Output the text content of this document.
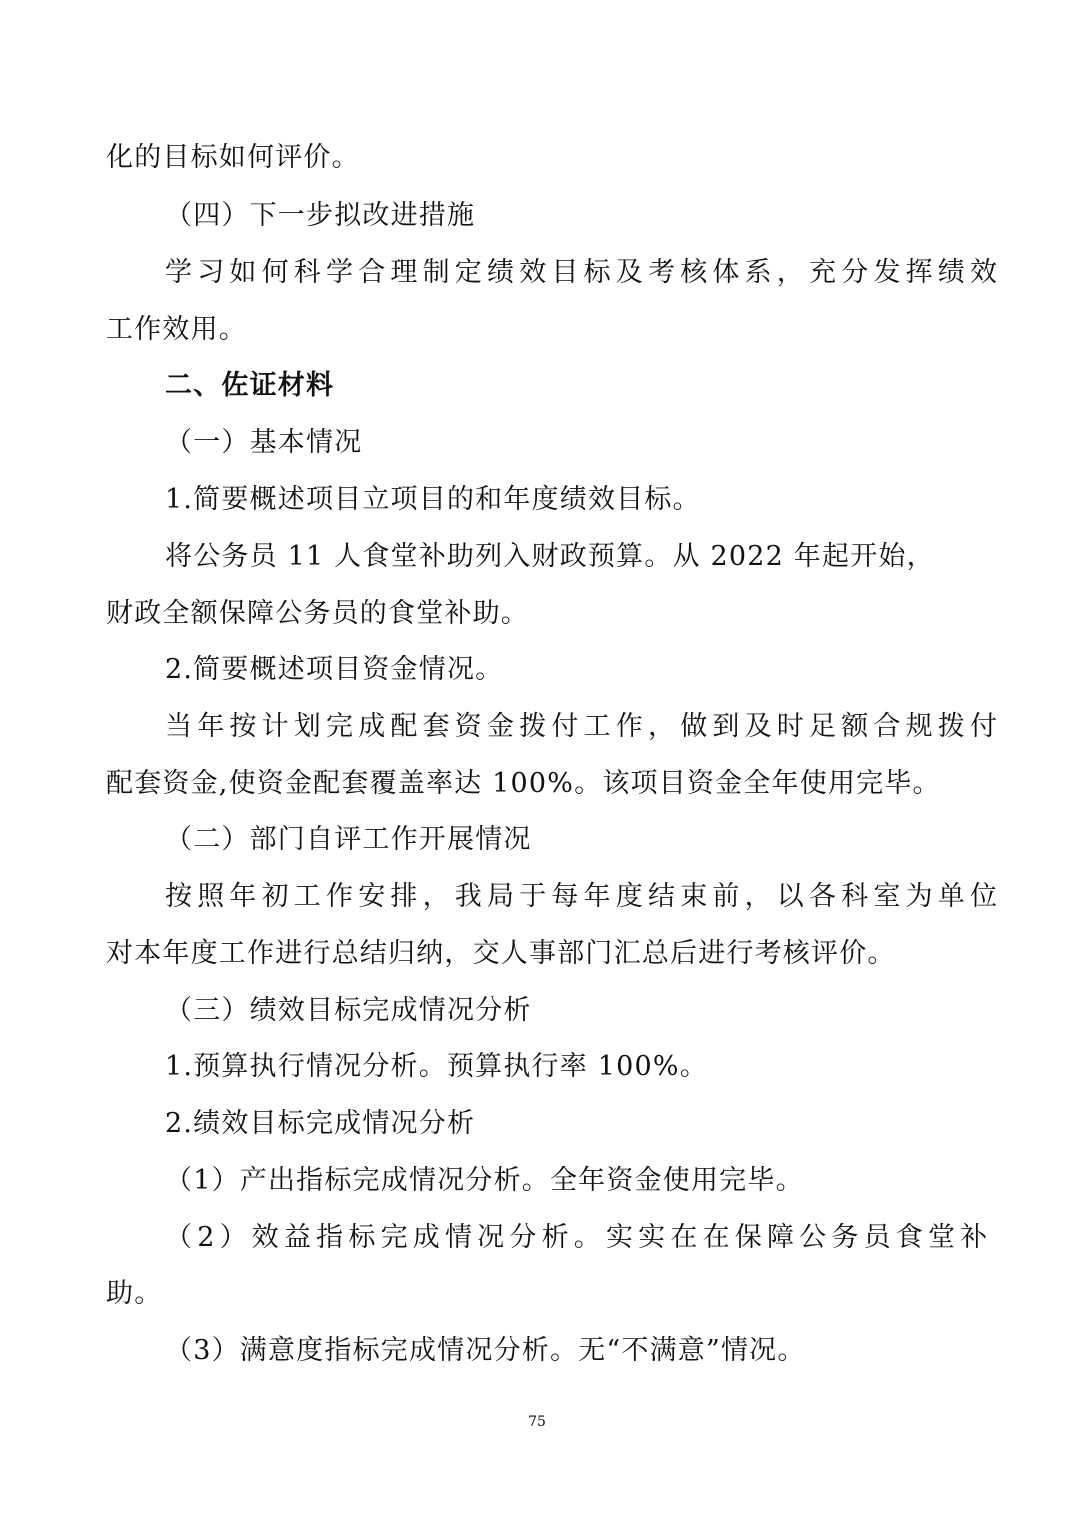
化的目标如何评价。
（四）下一步拟改进措施
学习如何科学合理制定绩效目标及考核体系，充分发挥绩效
工作效用。
二、佐证材料
（一）基本情况
1.简要概述项目立项目的和年度绩效目标。
将公务员 11 人食堂补助列入财政预算。从 2022 年起开始，
财政全额保障公务员的食堂补助。
2.简要概述项目资金情况。
当年按计划完成配套资金拨付工作，做到及时足额合规拨付
配套资金,使资金配套覆盖率达 100%。该项目资金全年使用完毕。
（二）部门自评工作开展情况
按照年初工作安排，我局于每年度结束前，以各科室为单位
对本年度工作进行总结归纳，交人事部门汇总后进行考核评价。
（三）绩效目标完成情况分析
1.预算执行情况分析。预算执行率 100%。
2.绩效目标完成情况分析
（1）产出指标完成情况分析。全年资金使用完毕。
（2）效益指标完成情况分析。实实在在保障公务员食堂补
助。
（3）满意度指标完成情况分析。无“不满意”情况。
75
